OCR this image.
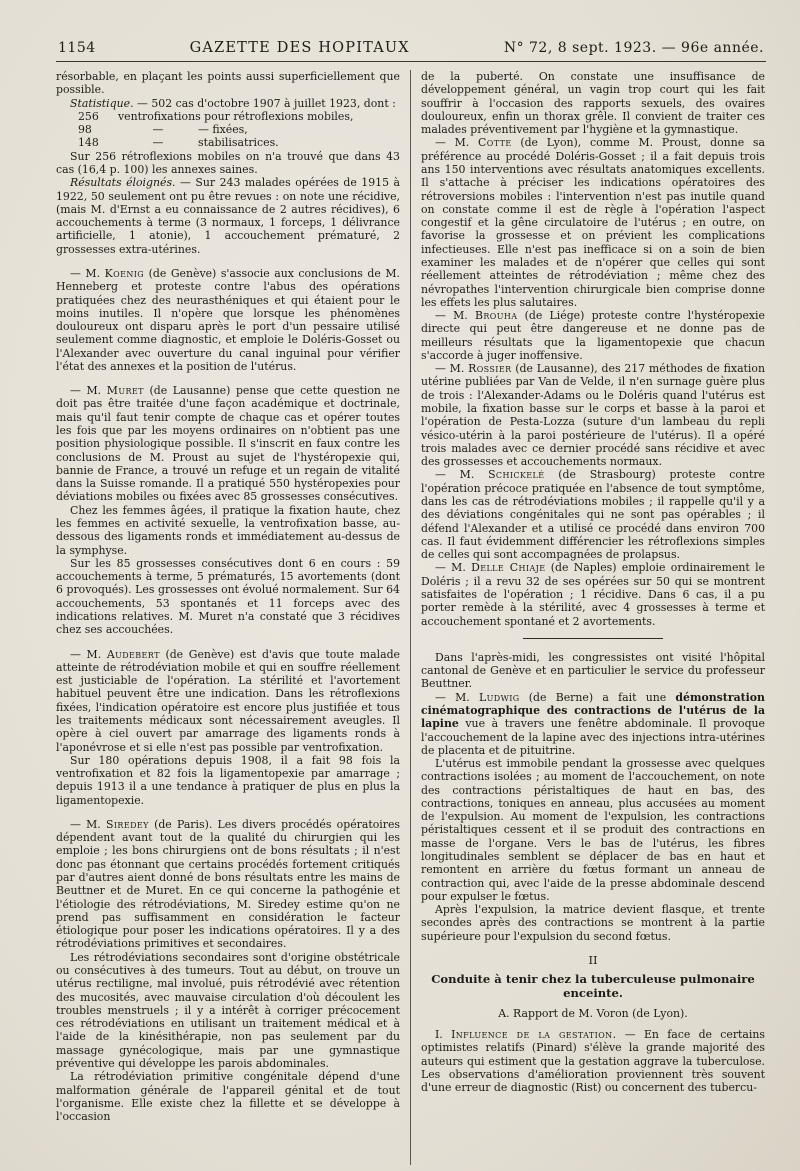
1154	GAZETTE DES HOPITAUX	N° 72, 8 sept. 1923. — 96e année.

résorbable, en plaçant les points aussi superficiellement que possible.

Statistique. — 502 cas d'octobre 1907 à juillet 1923, dont :

256	ventrofixations pour rétroflexions mobiles,
98	—	— fixées,
148	—	stabilisatrices.

Sur 256 rétroflexions mobiles on n'a trouvé que dans 43 cas (16,4 p. 100) les annexes saines.

Résultats éloignés. — Sur 243 malades opérées de 1915 à 1922, 50 seulement ont pu être revues : on note une récidive, (mais M. d'Ernst a eu connaissance de 2 autres récidives), 6 accouchements à terme (3 normaux, 1 forceps, 1 délivrance artificielle, 1 atonie), 1 accouchement prématuré, 2 grossesses extra-utérines.

— M. Koenig (de Genève) s'associe aux conclusions de M. Henneberg et proteste contre l'abus des opérations pratiquées chez des neurasthéniques et qui étaient pour le moins inutiles. Il n'opère que lorsque les phénomènes douloureux ont disparu après le port d'un pessaire utilisé seulement comme diagnostic, et emploie le Doléris-Gosset ou l'Alexander avec ouverture du canal inguinal pour vérifier l'état des annexes et la position de l'utérus.

— M. Muret (de Lausanne) pense que cette question ne doit pas être traitée d'une façon académique et doctrinale, mais qu'il faut tenir compte de chaque cas et opérer toutes les fois que par les moyens ordinaires on n'obtient pas une position physiologique possible. Il s'inscrit en faux contre les conclusions de M. Proust au sujet de l'hystéropexie qui, bannie de France, a trouvé un refuge et un regain de vitalité dans la Suisse romande. Il a pratiqué 550 hystéropexies pour déviations mobiles ou fixées avec 85 grossesses consécutives.

Chez les femmes âgées, il pratique la fixation haute, chez les femmes en activité sexuelle, la ventrofixation basse, au-dessous des ligaments ronds et immédiatement au-dessus de la symphyse.

Sur les 85 grossesses consécutives dont 6 en cours : 59 accouchements à terme, 5 prématurés, 15 avortements (dont 6 provoqués). Les grossesses ont évolué normalement. Sur 64 accouchements, 53 spontanés et 11 forceps avec des indications relatives. M. Muret n'a constaté que 3 récidives chez ses accouchées.

— M. Audebert (de Genève) est d'avis que toute malade atteinte de rétrodéviation mobile et qui en souffre réellement est justiciable de l'opération. La stérilité et l'avortement habituel peuvent être une indication. Dans les rétroflexions fixées, l'indication opératoire est encore plus justifiée et tous les traitements médicaux sont nécessairement aveugles. Il opère à ciel ouvert par amarrage des ligaments ronds à l'aponévrose et si elle n'est pas possible par ventrofixation.

Sur 180 opérations depuis 1908, il a fait 98 fois la ventrofixation et 82 fois la ligamentopexie par amarrage ; depuis 1913 il a une tendance à pratiquer de plus en plus la ligamentopexie.

— M. Siredey (de Paris). Les divers procédés opératoires dépendent avant tout de la qualité du chirurgien qui les emploie ; les bons chirurgiens ont de bons résultats ; il n'est donc pas étonnant que certains procédés fortement critiqués par d'autres aient donné de bons résultats entre les mains de Beuttner et de Muret. En ce qui concerne la pathogénie et l'étiologie des rétrodéviations, M. Siredey estime qu'on ne prend pas suffisamment en considération le facteur étiologique pour poser les indications opératoires. Il y a des rétrodéviations primitives et secondaires.

Les rétrodéviations secondaires sont d'origine obstétricale ou consécutives à des tumeurs. Tout au début, on trouve un utérus rectiligne, mal involué, puis rétrodévié avec rétention des mucosités, avec mauvaise circulation d'où découlent les troubles menstruels ; il y a intérêt à corriger précocement ces rétrodéviations en utilisant un traitement médical et à l'aide de la kinésithérapie, non pas seulement par du massage gynécologique, mais par une gymnastique préventive qui développe les parois abdominales.

La rétrodéviation primitive congénitale dépend d'une malformation générale de l'appareil génital et de tout l'organisme. Elle existe chez la fillette et se développe à l'occasion

de la puberté. On constate une insuffisance de développement général, un vagin trop court qui les fait souffrir à l'occasion des rapports sexuels, des ovaires douloureux, enfin un thorax grêle. Il convient de traiter ces malades préventivement par l'hygiène et la gymnastique.

— M. Cotte (de Lyon), comme M. Proust, donne sa préférence au procédé Doléris-Gosset ; il a fait depuis trois ans 150 interventions avec résultats anatomiques excellents. Il s'attache à préciser les indications opératoires des rétroversions mobiles : l'intervention n'est pas inutile quand on constate comme il est de règle à l'opération l'aspect congestif et la gêne circulatoire de l'utérus ; en outre, on favorise la grossesse et on prévient les complications infectieuses. Elle n'est pas inefficace si on a soin de bien examiner les malades et de n'opérer que celles qui sont réellement atteintes de rétrodéviation ; même chez des névropathes l'intervention chirurgicale bien comprise donne les effets les plus salutaires.

— M. Brouha (de Liége) proteste contre l'hystéropexie directe qui peut être dangereuse et ne donne pas de meilleurs résultats que la ligamentopexie que chacun s'accorde à juger inoffensive.

— M. Rossier (de Lausanne), des 217 méthodes de fixation utérine publiées par Van de Velde, il n'en surnage guère plus de trois : l'Alexander-Adams ou le Doléris quand l'utérus est mobile, la fixation basse sur le corps et basse à la paroi et l'opération de Pesta-Lozza (suture d'un lambeau du repli vésico-utérin à la paroi postérieure de l'utérus). Il a opéré trois malades avec ce dernier procédé sans récidive et avec des grossesses et accouchements normaux.

— M. Schickelé (de Strasbourg) proteste contre l'opération précoce pratiquée en l'absence de tout symptôme, dans les cas de rétrodéviations mobiles ; il rappelle qu'il y a des déviations congénitales qui ne sont pas opérables ; il défend l'Alexander et a utilisé ce procédé dans environ 700 cas. Il faut évidemment différencier les rétroflexions simples de celles qui sont accompagnées de prolapsus.

— M. Delle Chiaje (de Naples) emploie ordinairement le Doléris ; il a revu 32 de ses opérées sur 50 qui se montrent satisfaites de l'opération ; 1 récidive. Dans 6 cas, il a pu porter remède à la stérilité, avec 4 grossesses à terme et accouchement spontané et 2 avortements.

Dans l'après-midi, les congressistes ont visité l'hôpital cantonal de Genève et en particulier le service du professeur Beuttner.

— M. Ludwig (de Berne) a fait une démonstration cinématographique des contractions de l'utérus de la lapine vue à travers une fenêtre abdominale. Il provoque l'accouchement de la lapine avec des injections intra-utérines de placenta et de pituitrine.

L'utérus est immobile pendant la grossesse avec quelques contractions isolées ; au moment de l'accouchement, on note des contractions péristaltiques de haut en bas, des contractions, toniques en anneau, plus accusées au moment de l'expulsion. Au moment de l'expulsion, les contractions péristaltiques cessent et il se produit des contractions en masse de l'organe. Vers le bas de l'utérus, les fibres longitudinales semblent se déplacer de bas en haut et remontent en arrière du fœtus formant un anneau de contraction qui, avec l'aide de la presse abdominale descend pour expulser le fœtus.

Après l'expulsion, la matrice devient flasque, et trente secondes après des contractions se montrent à la partie supérieure pour l'expulsion du second fœtus.

II
Conduite à tenir chez la tuberculeuse pulmonaire enceinte.
A. Rapport de M. Voron (de Lyon).

I. Influence de la gestation. — En face de certains optimistes relatifs (Pinard) s'élève la grande majorité des auteurs qui estiment que la gestation aggrave la tuberculose. Les observations d'amélioration proviennent très souvent d'une erreur de diagnostic (Rist) ou concernent des tubercu-
